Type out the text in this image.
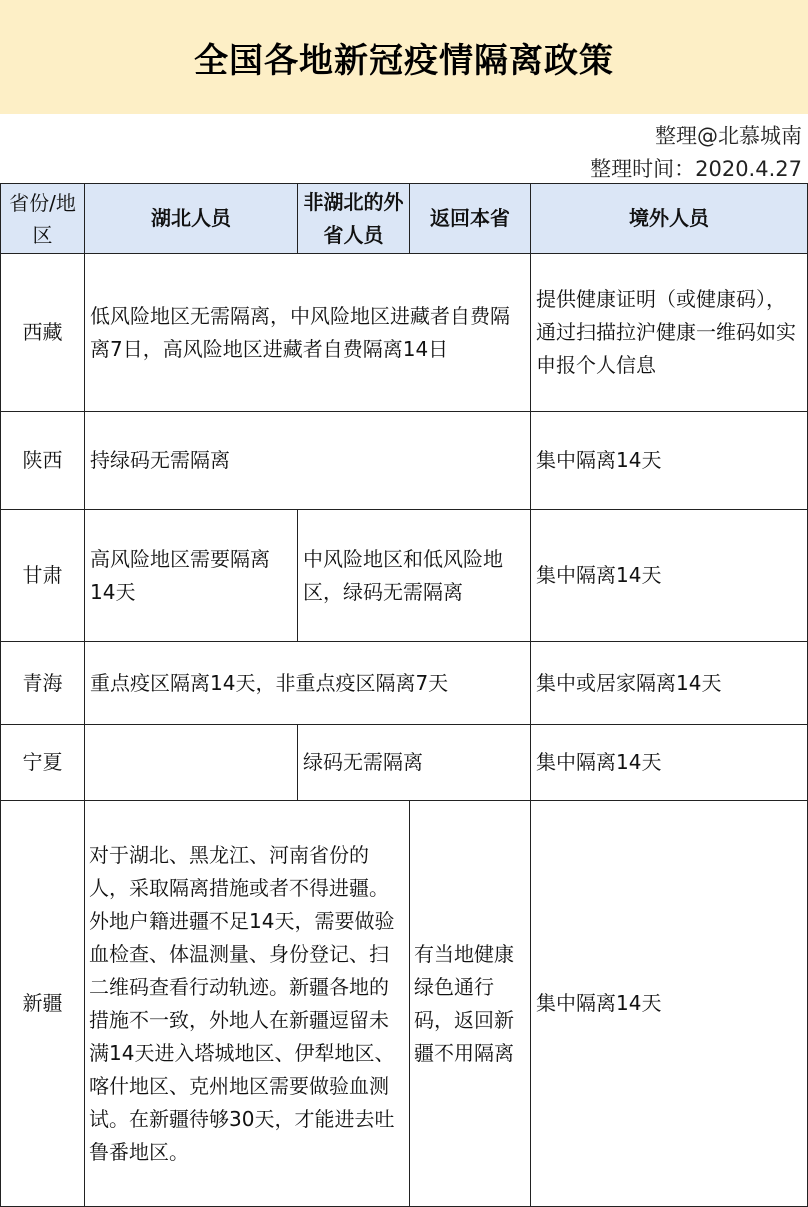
全国各地新冠疫情隔离政策
整理@北慕城南
整理时间：2020.4.27
省份/地区	湖北人员	非湖北的外省人员	返回本省	境外人员
西藏	低风险地区无需隔离，中风险地区进藏者自费隔离7日，高风险地区进藏者自费隔离14日			提供健康证明（或健康码），通过扫描拉沪健康一维码如实申报个人信息
陕西	持绿码无需隔离			集中隔离14天
甘肃	高风险地区需要隔离14天	中风险地区和低风险地区，绿码无需隔离		集中隔离14天
青海	重点疫区隔离14天，非重点疫区隔离7天			集中或居家隔离14天
宁夏		绿码无需隔离		集中隔离14天
新疆	对于湖北、黑龙江、河南省份的人，采取隔离措施或者不得进疆。外地户籍进疆不足14天，需要做验血检查、体温测量、身份登记、扫二维码查看行动轨迹。新疆各地的措施不一致，外地人在新疆逗留未满14天进入塔城地区、伊犁地区、喀什地区、克州地区需要做验血测试。在新疆待够30天，才能进去吐鲁番地区。		有当地健康绿色通行码，返回新疆不用隔离	集中隔离14天
